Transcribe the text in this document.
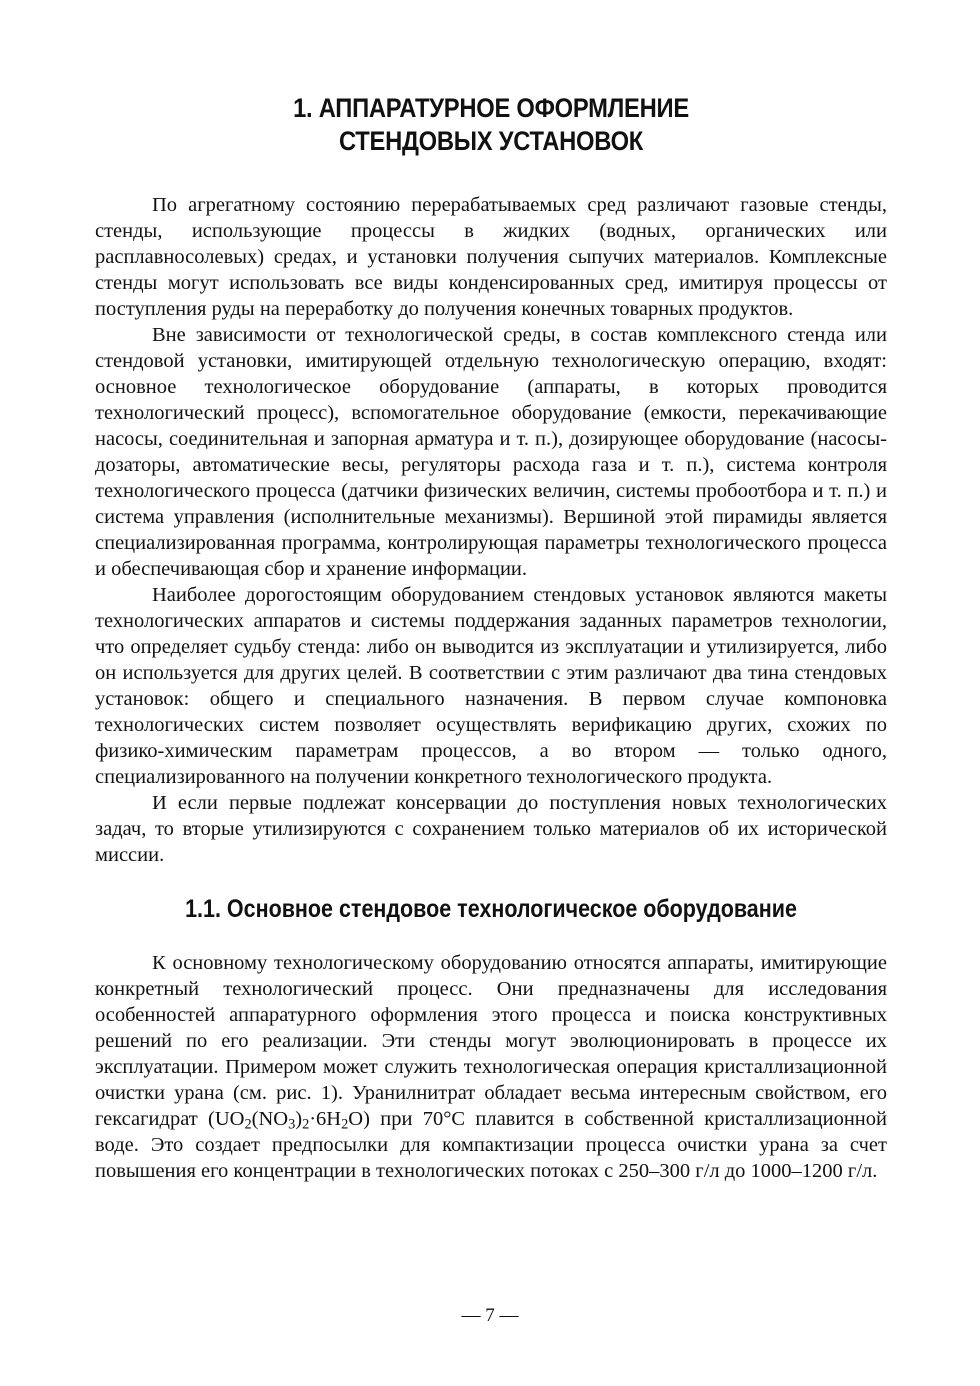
1. АППАРАТУРНОЕ ОФОРМЛЕНИЕ
СТЕНДОВЫХ УСТАНОВОК

По агрегатному состоянию перерабатываемых сред различают газовые стенды, стенды, использующие процессы в жидких (водных, органических или расплавносолевых) средах, и установки получения сыпучих материалов. Комплексные стенды могут использовать все виды конденсированных сред, имитируя процессы от поступления руды на переработку до получения конечных товарных продуктов.

Вне зависимости от технологической среды, в состав комплексного стенда или стендовой установки, имитирующей отдельную технологическую операцию, входят: основное технологическое оборудование (аппараты, в которых проводится технологический процесс), вспомогательное оборудование (емкости, перекачивающие насосы, соединительная и запорная арматура и т. п.), дозирующее оборудование (насосы-дозаторы, автоматические весы, регуляторы расхода газа и т. п.), система контроля технологического процесса (датчики физических величин, системы пробоотбора и т. п.) и система управления (исполнительные механизмы). Вершиной этой пирамиды является специализированная программа, контролирующая параметры технологического процесса и обеспечивающая сбор и хранение информации.

Наиболее дорогостоящим оборудованием стендовых установок являются макеты технологических аппаратов и системы поддержания заданных параметров технологии, что определяет судьбу стенда: либо он выводится из эксплуатации и утилизируется, либо он используется для других целей. В соответствии с этим различают два тина стендовых установок: общего и специального назначения. В первом случае компоновка технологических систем позволяет осуществлять верификацию других, схожих по физико-химическим параметрам процессов, а во втором — только одного, специализированного на получении конкретного технологического продукта.

И если первые подлежат консервации до поступления новых технологических задач, то вторые утилизируются с сохранением только материалов об их исторической миссии.

1.1. Основное стендовое технологическое оборудование

К основному технологическому оборудованию относятся аппараты, имитирующие конкретный технологический процесс. Они предназначены для исследования особенностей аппаратурного оформления этого процесса и поиска конструктивных решений по его реализации. Эти стенды могут эволюционировать в процессе их эксплуатации. Примером может служить технологическая операция кристаллизационной очистки урана (см. рис. 1). Уранилнитрат обладает весьма интересным свойством, его гексагидрат $(UO_2(NO_3)_2\cdot 6H_2O)$ при 70°С плавится в собственной кристаллизационной воде. Это создает предпосылки для компактизации процесса очистки урана за счет повышения его концентрации в технологических потоках с 250–300 г/л до 1000–1200 г/л.

— 7 —
